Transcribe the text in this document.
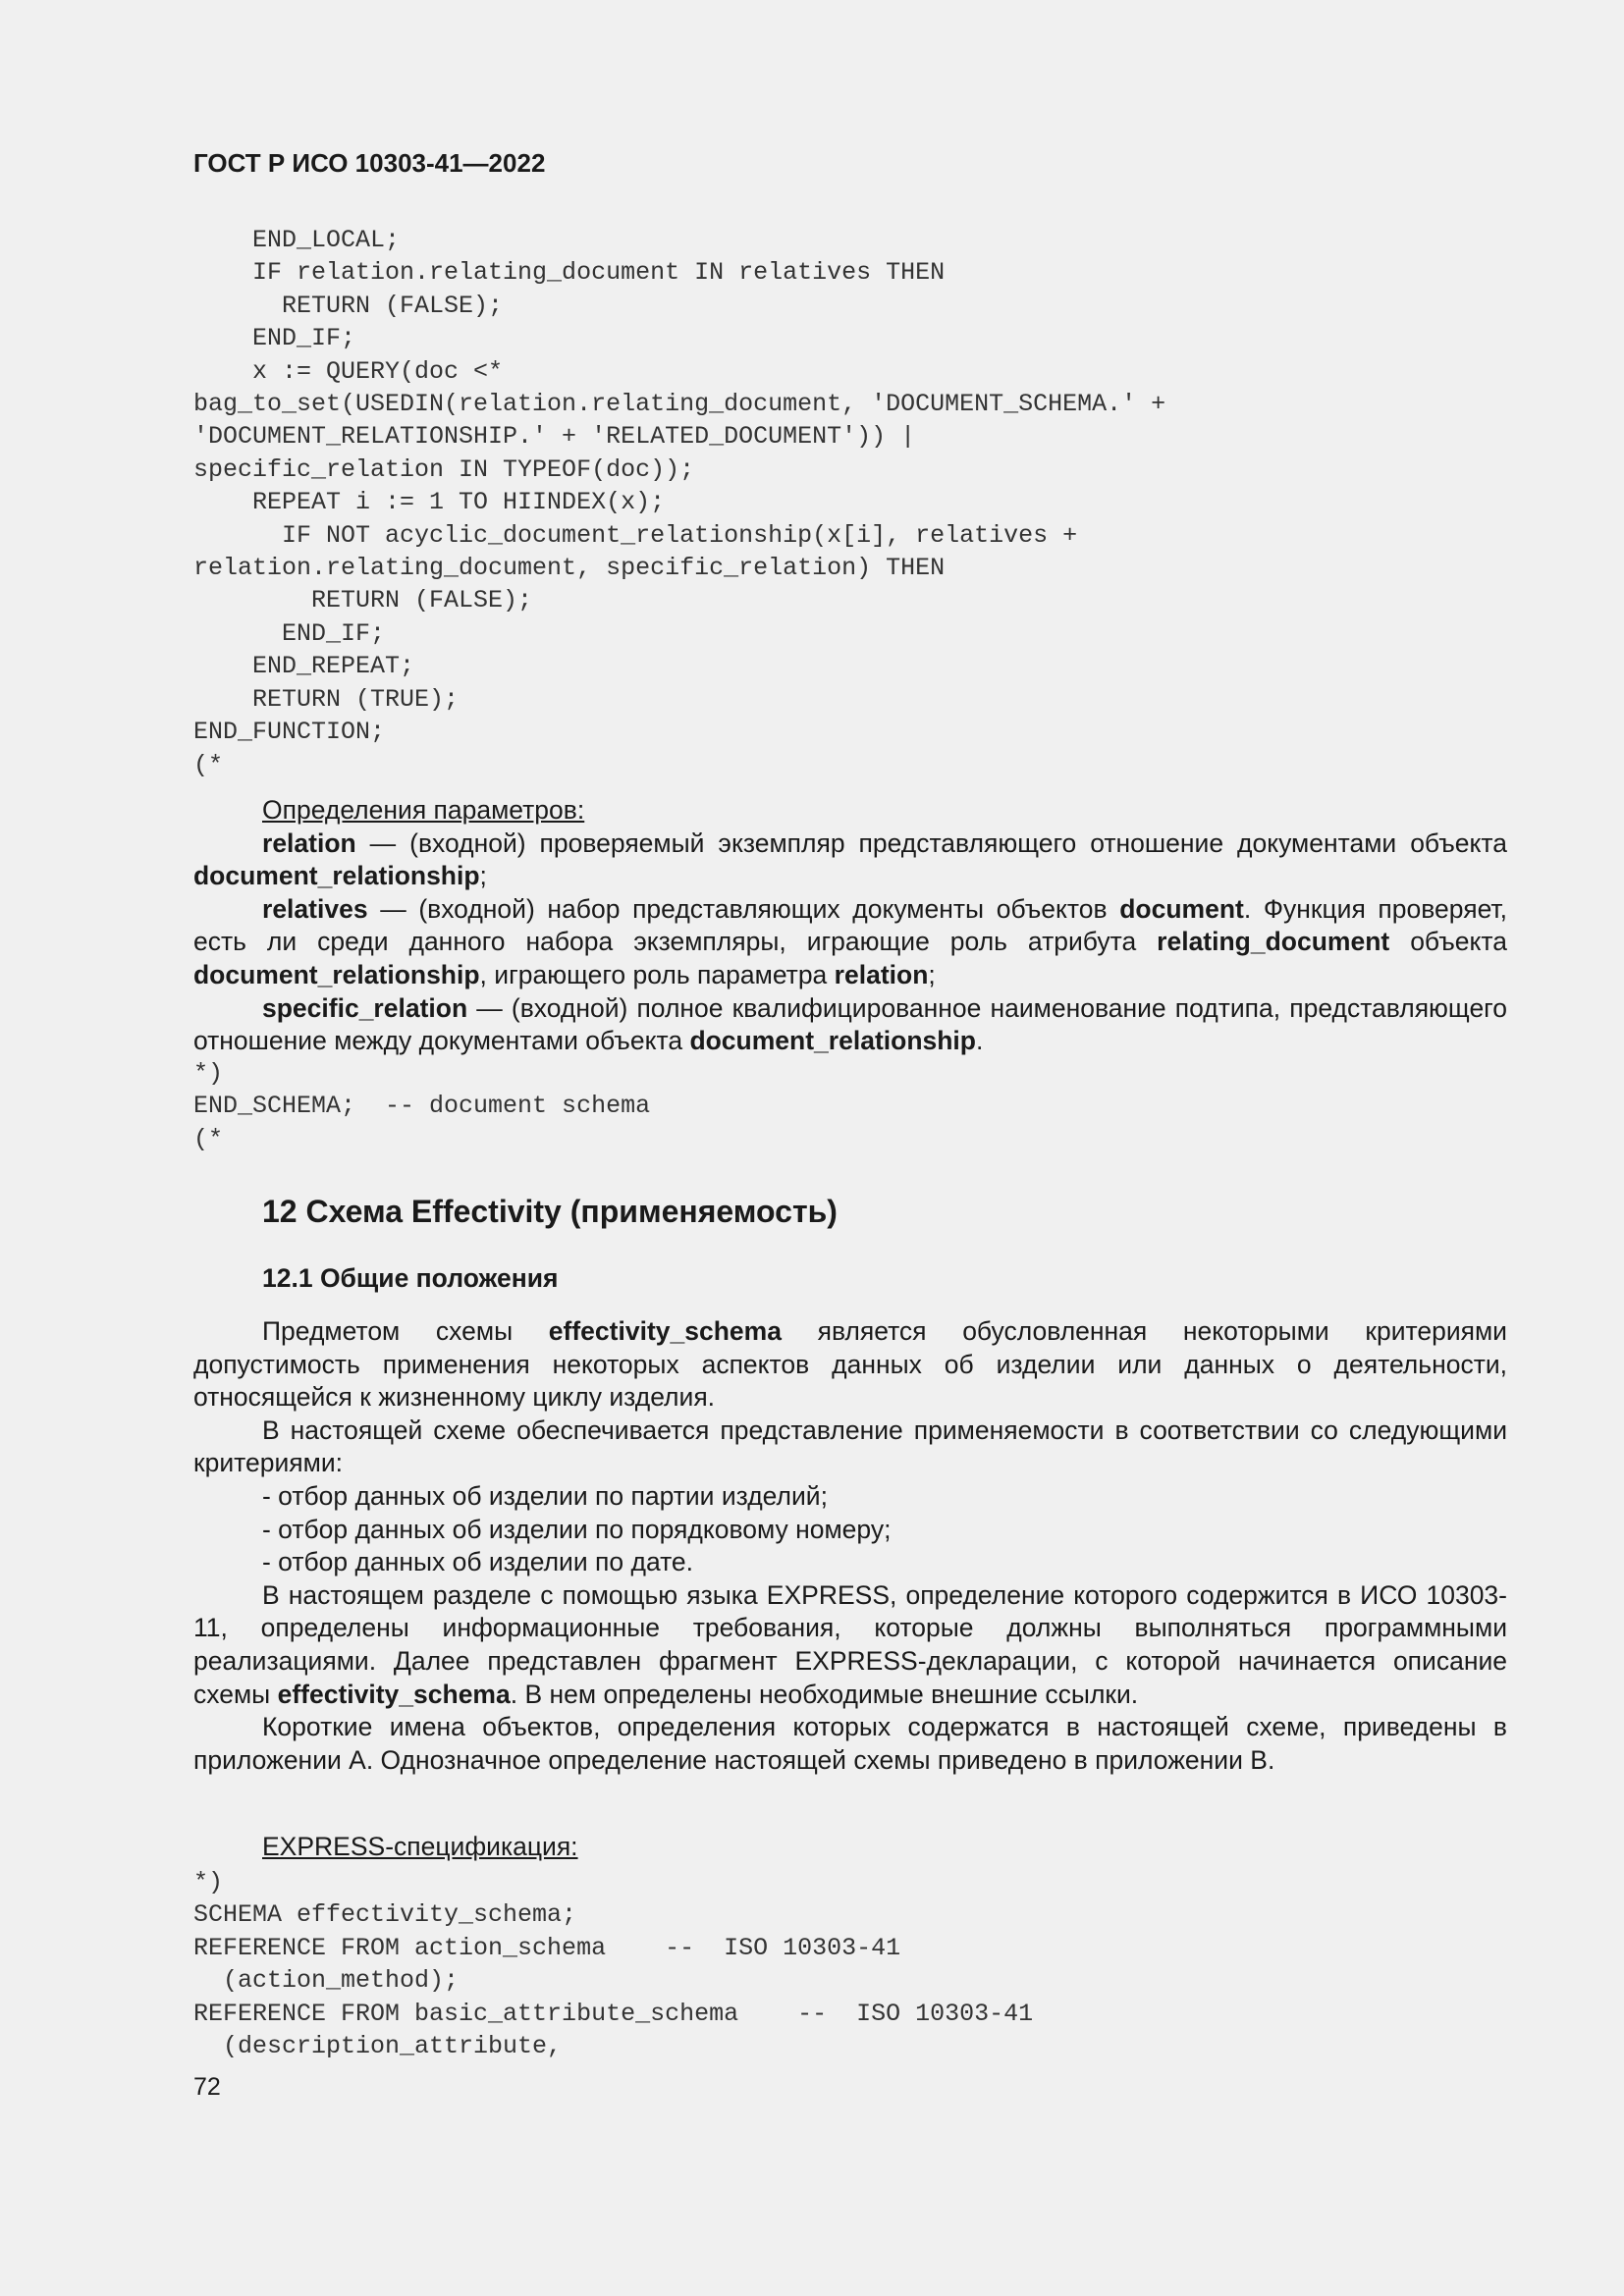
ГОСТ Р ИСО 10303-41—2022
END_LOCAL;
IF relation.relating_document IN relatives THEN
RETURN (FALSE);
END_IF;
x := QUERY(doc <*
bag_to_set(USEDIN(relation.relating_document, 'DOCUMENT_SCHEMA.' +
'DOCUMENT_RELATIONSHIP.' + 'RELATED_DOCUMENT')) |
specific_relation IN TYPEOF(doc));
REPEAT i := 1 TO HIINDEX(x);
IF NOT acyclic_document_relationship(x[i], relatives +
relation.relating_document, specific_relation) THEN
RETURN (FALSE);
END_IF;
END_REPEAT;
RETURN (TRUE);
END_FUNCTION;
(*

Определения параметров:

relation — (входной) проверяемый экземпляр представляющего отношение документами объекта document_relationship;

relatives — (входной) набор представляющих документы объектов document. Функция проверяет, есть ли среди данного набора экземпляры, играющие роль атрибута relating_document объекта document_relationship, играющего роль параметра relation;

specific_relation — (входной) полное квалифицированное наименование подтипа, представляющего отношение между документами объекта document_relationship.

*)
END_SCHEMA;  -- document schema
(*
12 Схема Effectivity (применяемость)
12.1 Общие положения

Предметом схемы effectivity_schema является обусловленная некоторыми критериями допустимость применения некоторых аспектов данных об изделии или данных о деятельности, относящейся к жизненному циклу изделия.

В настоящей схеме обеспечивается представление применяемости в соответствии со следующими критериями:

- отбор данных об изделии по партии изделий;

- отбор данных об изделии по порядковому номеру;

- отбор данных об изделии по дате.

В настоящем разделе с помощью языка EXPRESS, определение которого содержится в ИСО 10303-11, определены информационные требования, которые должны выполняться программными реализациями. Далее представлен фрагмент EXPRESS-декларации, с которой начинается описание схемы effectivity_schema. В нем определены необходимые внешние ссылки.

Короткие имена объектов, определения которых содержатся в настоящей схеме, приведены в приложении А. Однозначное определение настоящей схемы приведено в приложении В.

EXPRESS-спецификация:

*)
SCHEMA effectivity_schema;
REFERENCE FROM action_schema    --  ISO 10303-41
(action_method);
REFERENCE FROM basic_attribute_schema    --  ISO 10303-41
(description_attribute,
72
